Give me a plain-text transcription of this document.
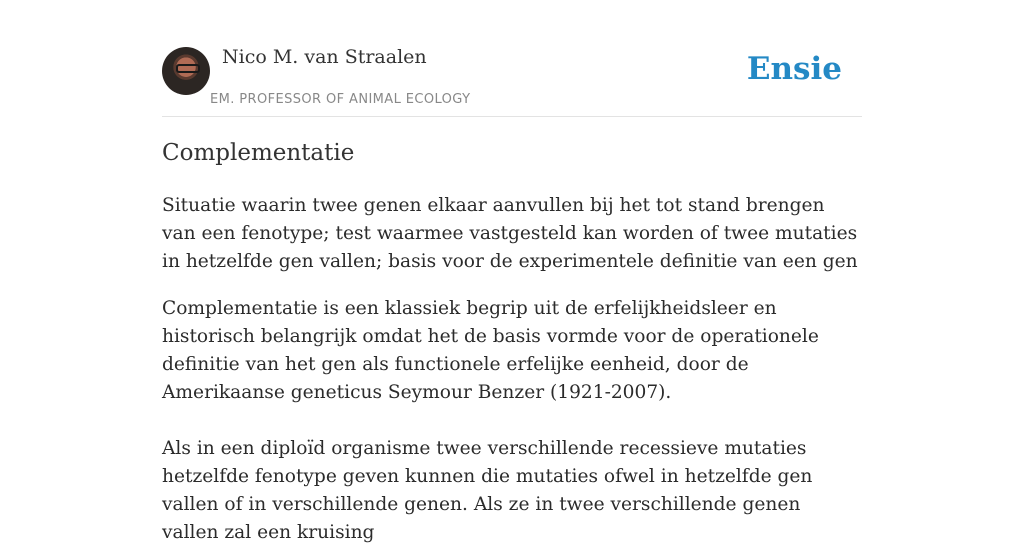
Nico M. van Straalen
EM. PROFESSOR OF ANIMAL ECOLOGY
Ensie
Complementatie

Situatie waarin twee genen elkaar aanvullen bij het tot stand brengen van een fenotype; test waarmee vastgesteld kan worden of twee mutaties in hetzelfde gen vallen; basis voor de experimentele definitie van een gen

Complementatie is een klassiek begrip uit de erfelijkheidsleer en historisch belangrijk omdat het de basis vormde voor de operationele definitie van het gen als functionele erfelijke eenheid, door de Amerikaanse geneticus Seymour Benzer (1921-2007).

Als in een diploïd organisme twee verschillende recessieve mutaties hetzelfde fenotype geven kunnen die mutaties ofwel in hetzelfde gen vallen of in verschillende genen. Als ze in twee verschillende genen vallen zal een kruising
